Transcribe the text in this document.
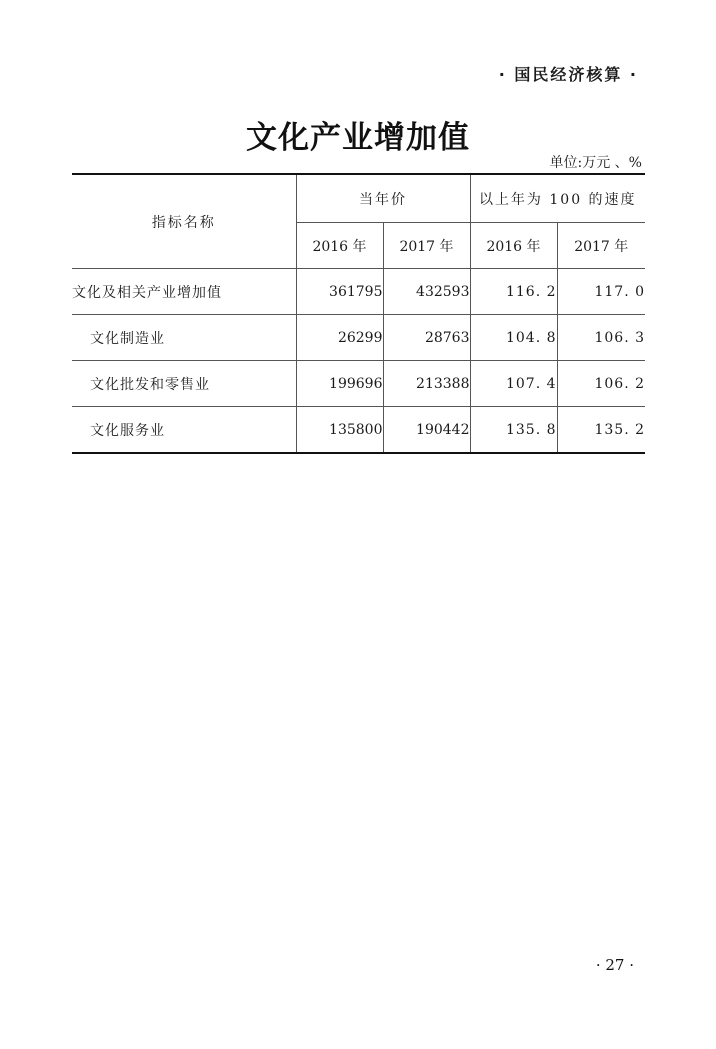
· 国民经济核算 ·
文化产业增加值
单位:万元 、%
指标名称	当年价		以上年为 100 的速度	
	2016 年	2017 年	2016 年	2017 年
文化及相关产业增加值	361795	432593	116. 2	117. 0
文化制造业	26299	28763	104. 8	106. 3
文化批发和零售业	199696	213388	107. 4	106. 2
文化服务业	135800	190442	135. 8	135. 2
· 27 ·
